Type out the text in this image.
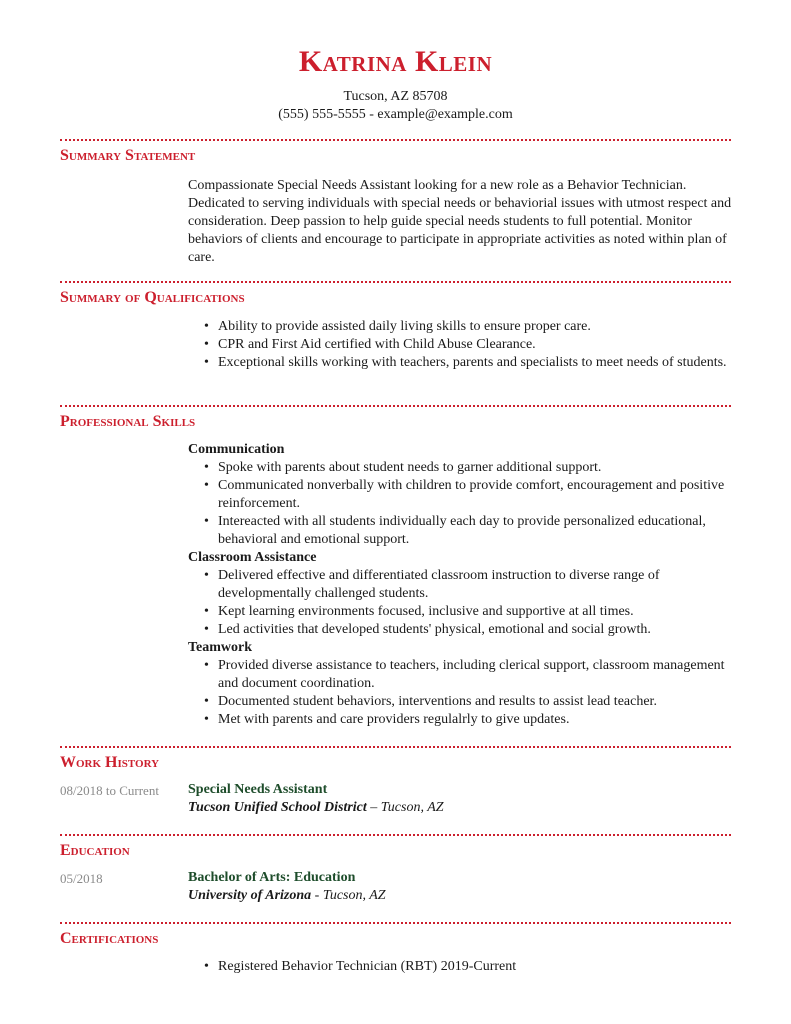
Katrina Klein
Tucson, AZ 85708
(555) 555-5555 - example@example.com
Summary Statement
Compassionate Special Needs Assistant looking for a new role as a Behavior Technician. Dedicated to serving individuals with special needs or behaviorial issues with utmost respect and consideration. Deep passion to help guide special needs students to full potential. Monitor behaviors of clients and encourage to participate in appropriate activities as noted within plan of care.
Summary of Qualifications
• Ability to provide assisted daily living skills to ensure proper care.
• CPR and First Aid certified with Child Abuse Clearance.
• Exceptional skills working with teachers, parents and specialists to meet needs of students.
Professional Skills
Communication
• Spoke with parents about student needs to garner additional support.
• Communicated nonverbally with children to provide comfort, encouragement and positive reinforcement.
• Intereacted with all students individually each day to provide personalized educational, behavioral and emotional support.
Classroom Assistance
• Delivered effective and differentiated classroom instruction to diverse range of developmentally challenged students.
• Kept learning environments focused, inclusive and supportive at all times.
• Led activities that developed students' physical, emotional and social growth.
Teamwork
• Provided diverse assistance to teachers, including clerical support, classroom management and document coordination.
• Documented student behaviors, interventions and results to assist lead teacher.
• Met with parents and care providers regulalrly to give updates.
Work History
08/2018 to Current Special Needs Assistant
Tucson Unified School District – Tucson, AZ
Education
05/2018	Bachelor of Arts: Education
University of Arizona - Tucson, AZ
Certifications
• Registered Behavior Technician (RBT) 2019-Current
